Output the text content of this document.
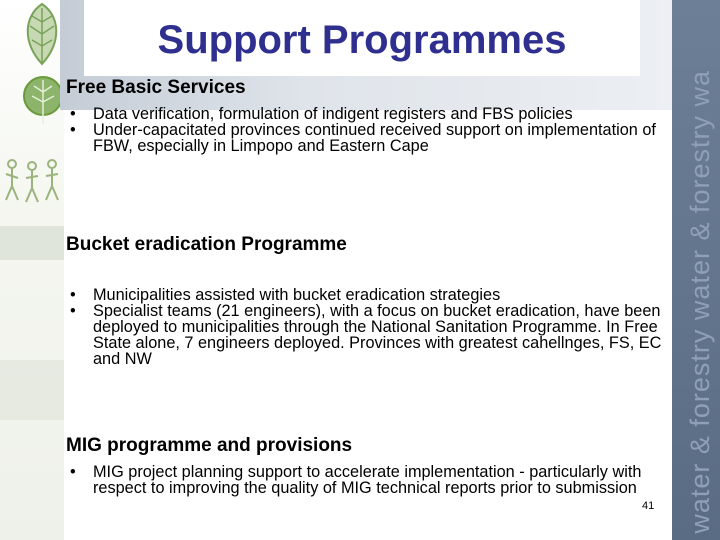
Support Programmes
water & forestry water & forestry wa
Free Basic Services
• Data verification, formulation of indigent registers and FBS policies
• Under-capacitated provinces continued received support on implementation of FBW, especially in Limpopo and Eastern Cape
Bucket eradication Programme
• Municipalities assisted with bucket eradication strategies
• Specialist teams (21 engineers), with a focus on bucket eradication, have been deployed to municipalities through the National Sanitation Programme. In Free State alone, 7 engineers deployed. Provinces with greatest cahellnges, FS, EC and NW
MIG programme and provisions
• MIG project planning support to accelerate implementation - particularly with respect to improving the quality of MIG technical reports prior to submission
41
